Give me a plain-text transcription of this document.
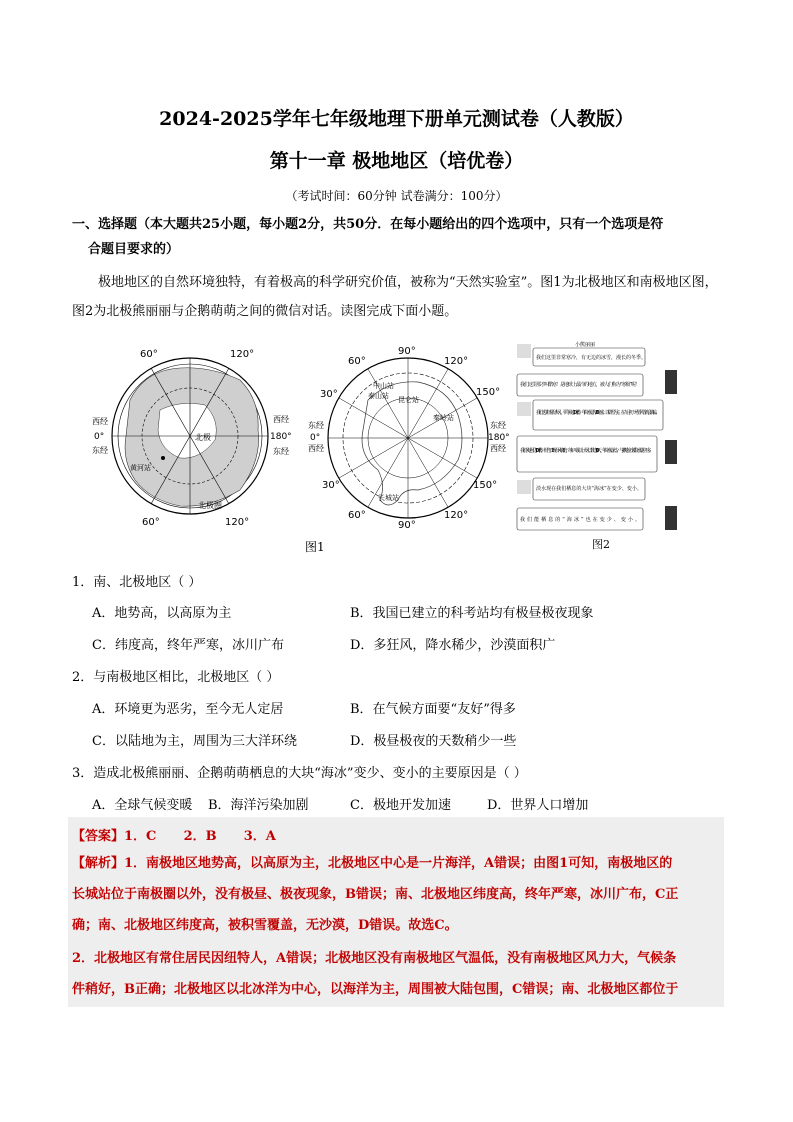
2024-2025学年七年级地理下册单元测试卷（人教版）
第十一章 极地地区（培优卷）
（考试时间：60分钟 试卷满分：100分）
一、选择题（本大题共25小题，每小题2分，共50分．在每小题给出的四个选项中，只有一个选项是符
合题目要求的）
极地地区的自然环境独特，有着极高的科学研究价值，被称为“天然实验室”。图1为北极地区和南极地区图，图2为北极熊丽丽与企鹅萌萌之间的微信对话。读图完成下面小题。
60°	120°
60°	120°
西经
0°
东经
西经
180°
东经
北极
黄河站
北极圈
90°
60°	120°
150°
30°
90°
60°	120°
150°
30°
东经
0°
西经
东经
180°
西经
中山站
泰山站 昆仑站
秦岭站
长城站
图1
小熊丽丽
我们这里非常寒冷，有无边的冰雪，漫长的冬季。
我们这里那才叫酷寒！是地球上最冷的地方，被人们称为“寒极”呢！
我们这里经常刮大风，平均风速10米/秒，年降水量为200毫米，以降雪为主，在九月初一场雪风雪就会降临。
我们风速可达100米/秒，相当于12级台风的8倍，每年八级以上大风日数达300天，年降水量太少，与撒哈拉沙漠降水量差不多。
淡水现在我们栖息的大块“海冰”在变少、变小。
我们能栖息的“海冰”也在变少、变小。
图2
1．南、北极地区（ ）
A．地势高，以高原为主	B．我国已建立的科考站均有极昼极夜现象
C．纬度高，终年严寒，冰川广布	D．多狂风，降水稀少，沙漠面积广
2．与南极地区相比，北极地区（ ）
A．环境更为恶劣，至今无人定居	B．在气候方面要“友好”得多
C．以陆地为主，周围为三大洋环绕	D．极昼极夜的天数稍少一些
3．造成北极熊丽丽、企鹅萌萌栖息的大块“海冰”变少、变小的主要原因是（ ）
A．全球气候变暖 B．海洋污染加剧	C．极地开发加速	D．世界人口增加
【答案】1．C      2．B      3．A
【解析】1．南极地区地势高，以高原为主，北极地区中心是一片海洋，A错误；由图1可知，南极地区的
长城站位于南极圈以外，没有极昼、极夜现象，B错误；南、北极地区纬度高，终年严寒，冰川广布，C正
确；南、北极地区纬度高，被积雪覆盖，无沙漠，D错误。故选C。
2．北极地区有常住居民因纽特人，A错误；北极地区没有南极地区气温低，没有南极地区风力大，气候条
件稍好，B正确；北极地区以北冰洋为中心，以海洋为主，周围被大陆包围，C错误；南、北极地区都位于
